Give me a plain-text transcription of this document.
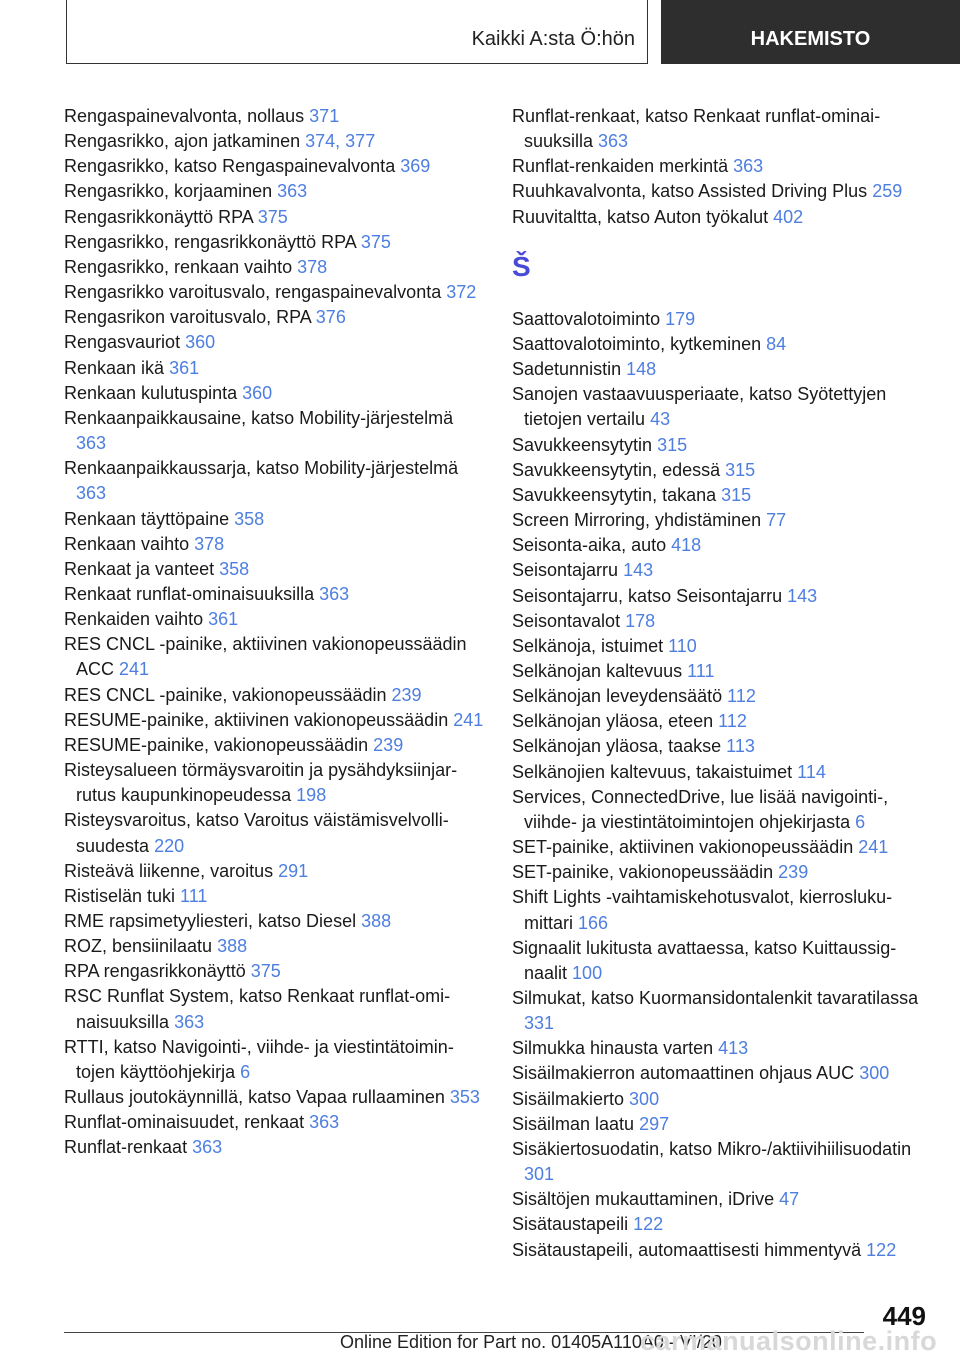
Kaikki A:sta Ö:hön	HAKEMISTO
Rengaspainevalvonta, nollaus 371
Rengasrikko, ajon jatkaminen 374, 377
Rengasrikko, katso Rengaspainevalvonta 369
Rengasrikko, korjaaminen 363
Rengasrikkonäyttö RPA 375
Rengasrikko, rengasrikkonäyttö RPA 375
Rengasrikko, renkaan vaihto 378
Rengasrikko varoitusvalo, rengaspainevalvonta 372
Rengasrikon varoitusvalo, RPA 376
Rengasvauriot 360
Renkaan ikä 361
Renkaan kulutuspinta 360
Renkaanpaikkausaine, katso Mobility-järjestelmä 363
Renkaanpaikkaussarja, katso Mobility-järjestelmä 363
Renkaan täyttöpaine 358
Renkaan vaihto 378
Renkaat ja vanteet 358
Renkaat runflat-ominaisuuksilla 363
Renkaiden vaihto 361
RES CNCL -painike, aktiivinen vakionopeussäädin ACC 241
RES CNCL -painike, vakionopeussäädin 239
RESUME-painike, aktiivinen vakionopeussäädin 241
RESUME-painike, vakionopeussäädin 239
Risteysalueen törmäysvaroitin ja pysähdyksiinjarrutus kaupunkinopeudessa 198
Risteysvaroitus, katso Varoitus väistämisvelvollisuudesta 220
Risteävä liikenne, varoitus 291
Ristiselän tuki 111
RME rapsimetyyliesteri, katso Diesel 388
ROZ, bensiinilaatu 388
RPA rengasrikkonäyttö 375
RSC Runflat System, katso Renkaat runflat-ominaisuuksilla 363
RTTI, katso Navigointi-, viihde- ja viestintätoimintojen käyttöohjekirja 6
Rullaus joutokäynnillä, katso Vapaa rullaaminen 353
Runflat-ominaisuudet, renkaat 363
Runflat-renkaat 363
Runflat-renkaat, katso Renkaat runflat-ominaisuuksilla 363
Runflat-renkaiden merkintä 363
Ruuhkavalvonta, katso Assisted Driving Plus 259
Ruuvitaltta, katso Auton työkalut 402
Š
Saattovalotoiminto 179
Saattovalotoiminto, kytkeminen 84
Sadetunnistin 148
Sanojen vastaavuusperiaate, katso Syötettyjen tietojen vertailu 43
Savukkeensytytin 315
Savukkeensytytin, edessä 315
Savukkeensytytin, takana 315
Screen Mirroring, yhdistäminen 77
Seisonta-aika, auto 418
Seisontajarru 143
Seisontajarru, katso Seisontajarru 143
Seisontavalot 178
Selkänoja, istuimet 110
Selkänojan kaltevuus 111
Selkänojan leveydensäätö 112
Selkänojan yläosa, eteen 112
Selkänojan yläosa, taakse 113
Selkänojien kaltevuus, takaistuimet 114
Services, ConnectedDrive, lue lisää navigointi-, viihde- ja viestintätoimintojen ohjekirjasta 6
SET-painike, aktiivinen vakionopeussäädin 241
SET-painike, vakionopeussäädin 239
Shift Lights -vaihtamiskehotusvalot, kierroslukumittari 166
Signaalit lukitusta avattaessa, katso Kuittaussignaalit 100
Silmukat, katso Kuormansidontalenkit tavaratilassa 331
Silmukka hinausta varten 413
Sisäilmakierron automaattinen ohjaus AUC 300
Sisäilmakierto 300
Sisäilman laatu 297
Sisäkiertosuodatin, katso Mikro-/aktiivihiilisuodatin 301
Sisältöjen mukauttaminen, iDrive 47
Sisätaustapeili 122
Sisätaustapeili, automaattisesti himmentyvä 122
449
Online Edition for Part no. 01405A110A0 - VI/20
carmanualsonline.info
